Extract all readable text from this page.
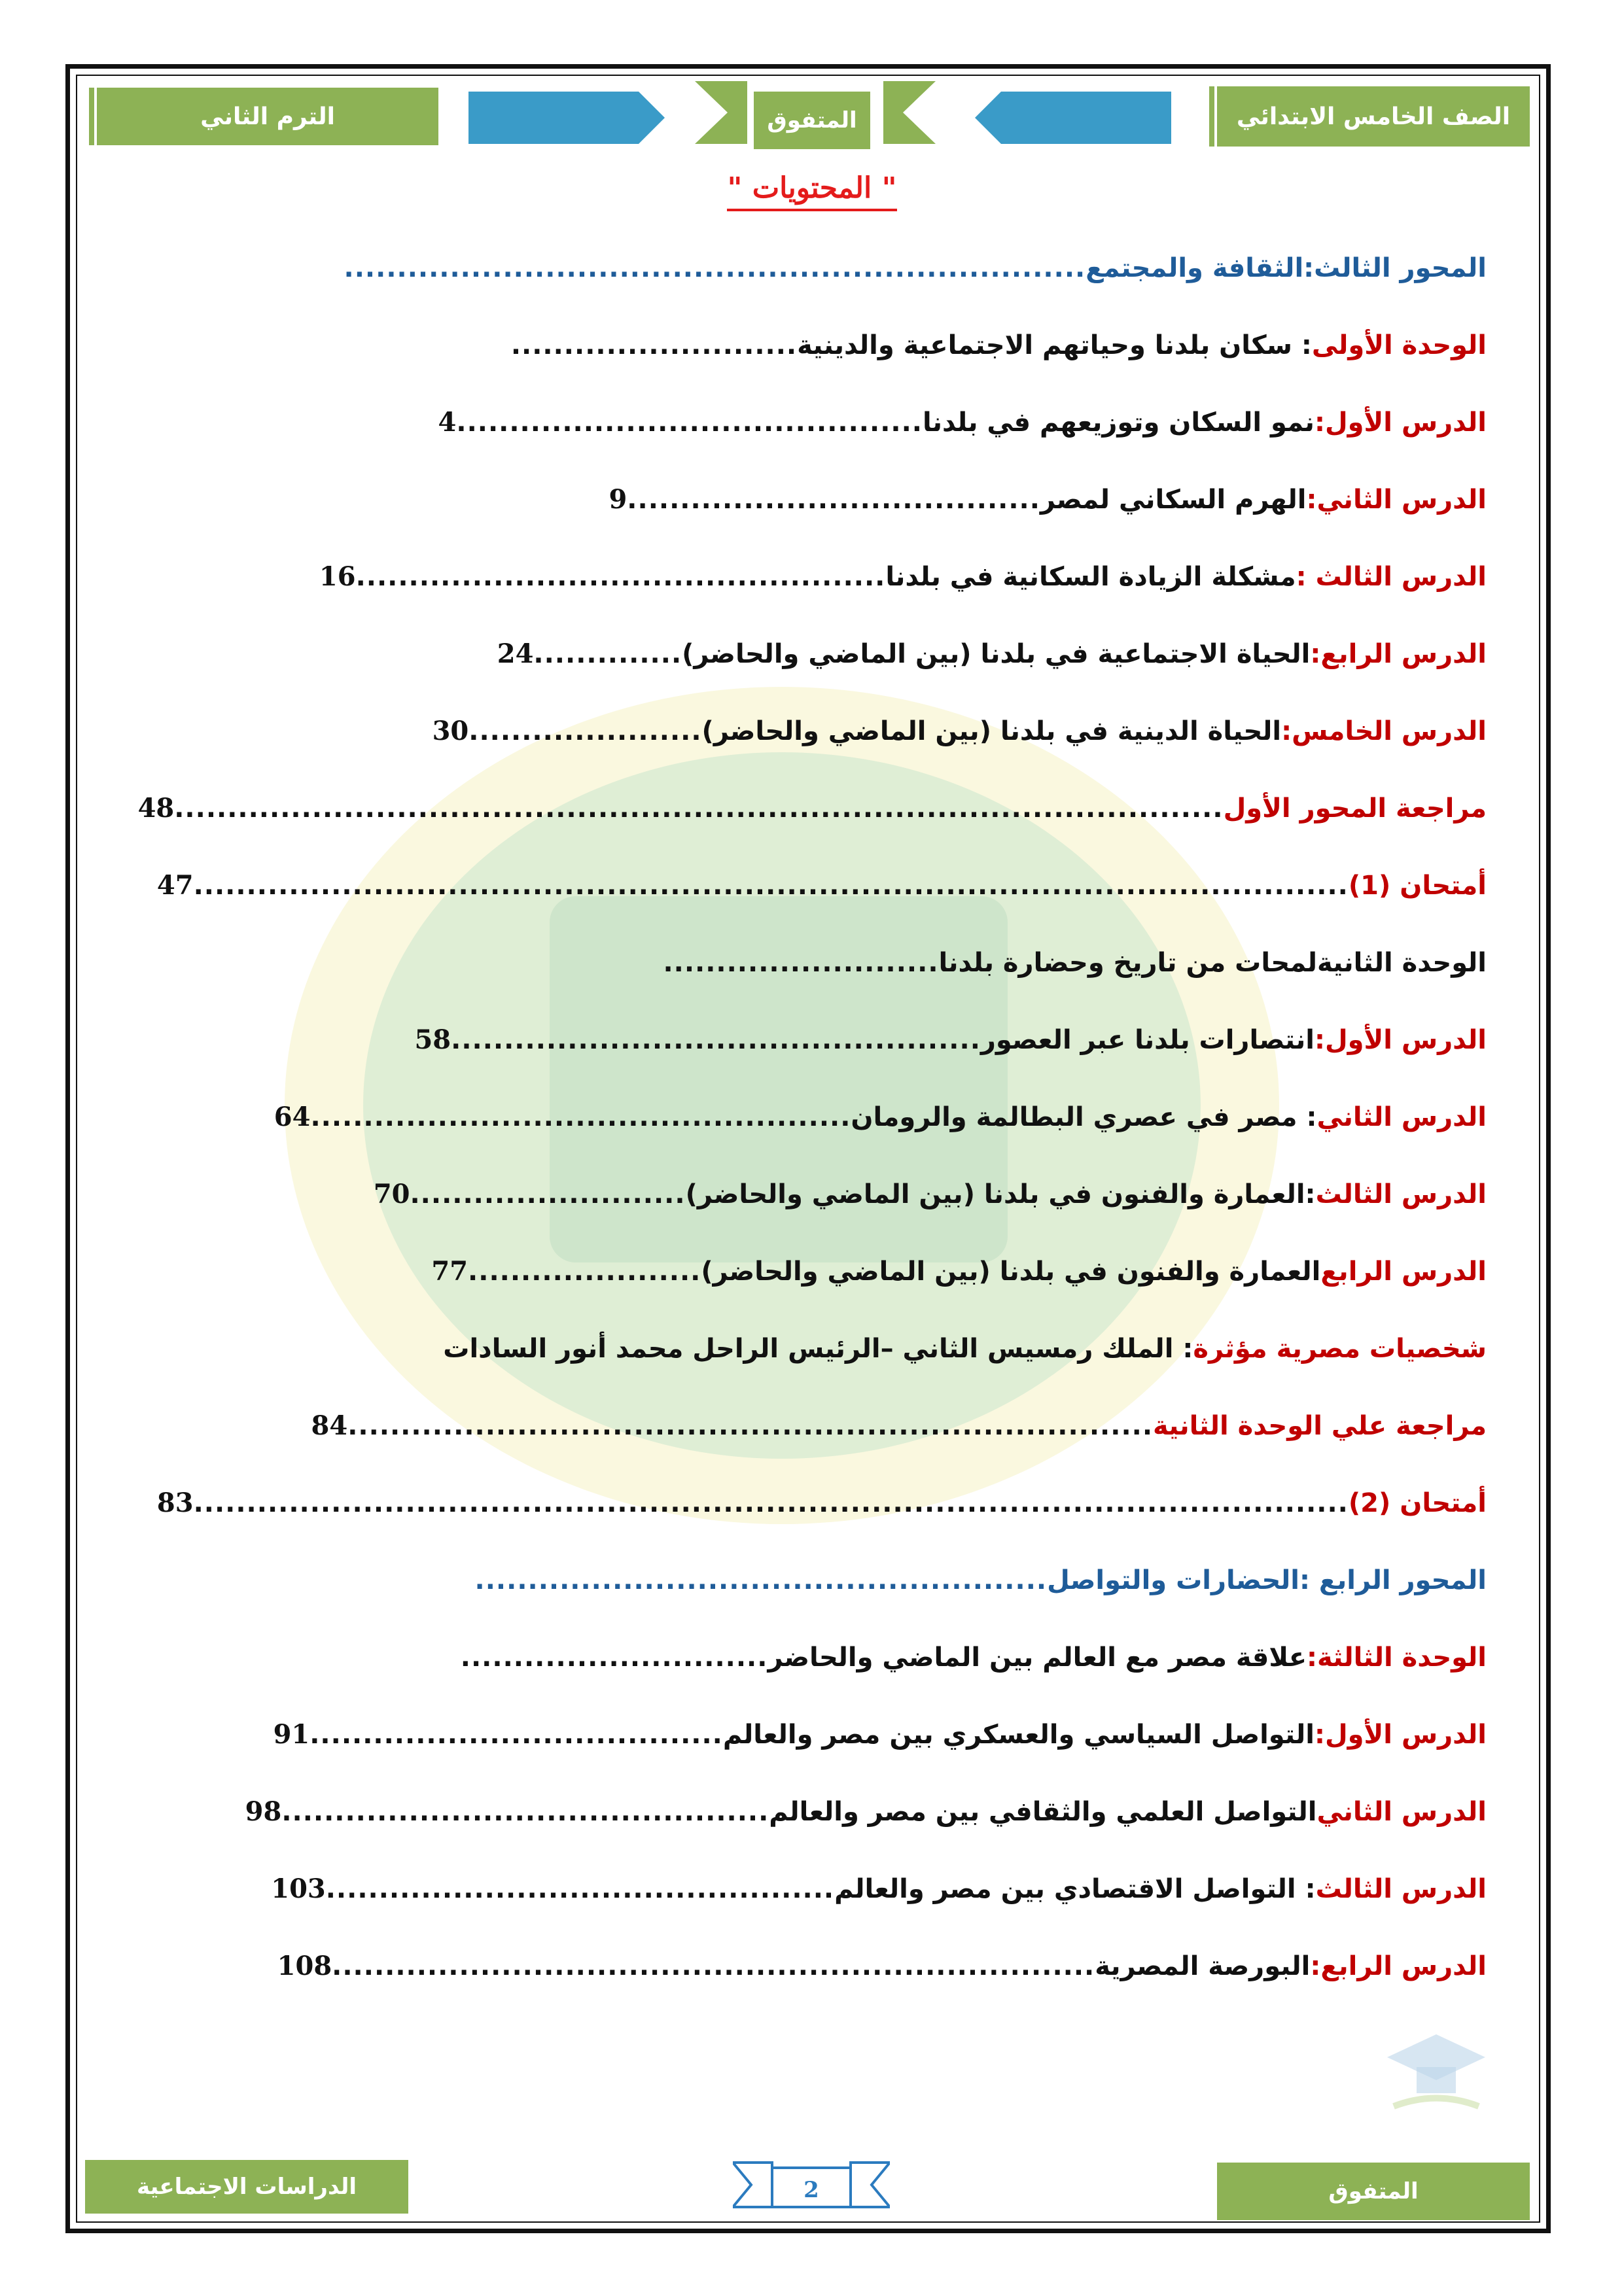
الصف الخامس الابتدائي
المتفوق
الترم الثاني
" المحتويات "
المحور الثالث:
الثقافة والمجتمع
......................................................................
الوحدة الأولى
: سكان بلدنا وحياتهم الاجتماعية والدينية
...........................
الدرس الأول:
نمو السكان وتوزيعهم في بلدنا
............................................
4
الدرس الثاني:
الهرم السكاني لمصر
.......................................
9
الدرس الثالث :
مشكلة الزيادة السكانية في بلدنا
..................................................
16
الدرس الرابع:
الحياة الاجتماعية في بلدنا (بين الماضي والحاضر)
..............
24
الدرس الخامس:
الحياة الدينية في بلدنا (بين الماضي والحاضر)
......................
30
مراجعة المحور الأول
...................................................................................................
48
أمتحان (1)
.............................................................................................................
47
الوحدة الثانية
لمحات من تاريخ وحضارة بلدنا
..........................
الدرس الأول:
انتصارات بلدنا عبر العصور
..................................................
58
الدرس الثاني
: مصر في عصري البطالمة والرومان
...................................................
64
الدرس الثالث
:العمارة والفنون في بلدنا (بين الماضي والحاضر)
..........................
70
الدرس الرابع
العمارة والفنون في بلدنا (بين الماضي والحاضر)
......................
77
شخصيات مصرية مؤثرة
: الملك رمسيس الثاني –الرئيس الراحل محمد أنور السادات
مراجعة علي الوحدة الثانية
............................................................................
84
أمتحان (2)
.............................................................................................................
83
المحور الرابع :
الحضارات والتواصل
......................................................
الوحدة الثالثة:
علاقة مصر مع العالم بين الماضي والحاضر
.............................
الدرس الأول:
التواصل السياسي والعسكري بين مصر والعالم
.......................................
91
الدرس الثاني
التواصل العلمي والثقافي بين مصر والعالم
..............................................
98
الدرس الثالث
: التواصل الاقتصادي بين مصر والعالم
................................................
103
الدرس الرابع:
البورصة المصرية
........................................................................
108
المتفوق
الدراسات الاجتماعية	2
